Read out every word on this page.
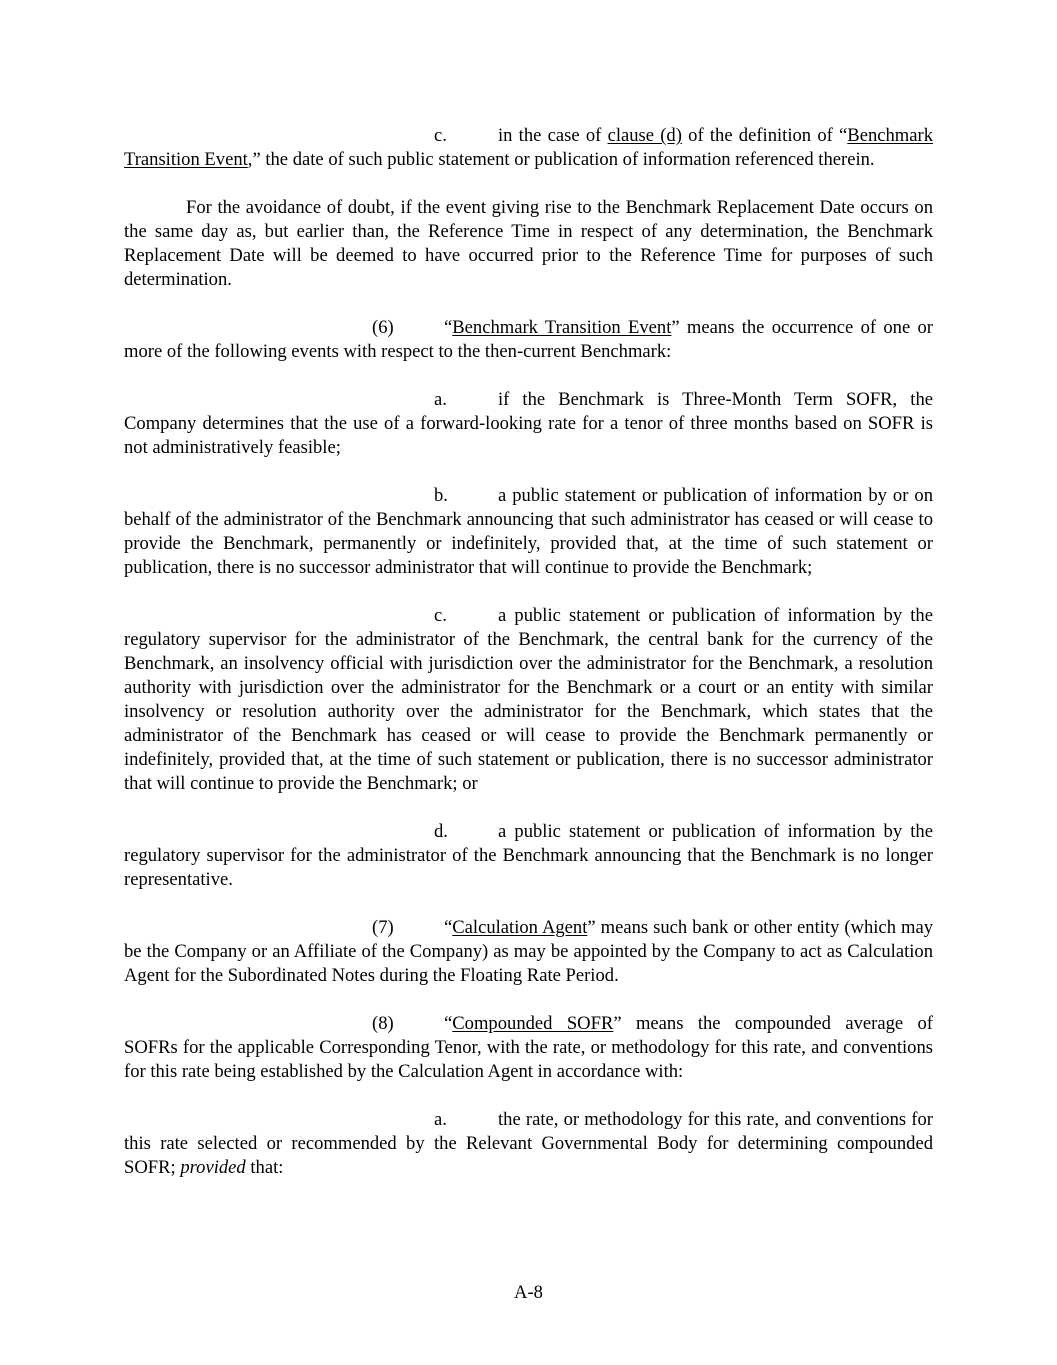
c.	in the case of clause (d) of the definition of “Benchmark Transition Event,” the date of such public statement or publication of information referenced therein.

For the avoidance of doubt, if the event giving rise to the Benchmark Replacement Date occurs on the same day as, but earlier than, the Reference Time in respect of any determination, the Benchmark Replacement Date will be deemed to have occurred prior to the Reference Time for purposes of such determination.

(6)	“Benchmark Transition Event” means the occurrence of one or more of the following events with respect to the then-current Benchmark:

a.	if the Benchmark is Three-Month Term SOFR, the Company determines that the use of a forward-looking rate for a tenor of three months based on SOFR is not administratively feasible;

b.	a public statement or publication of information by or on behalf of the administrator of the Benchmark announcing that such administrator has ceased or will cease to provide the Benchmark, permanently or indefinitely, provided that, at the time of such statement or publication, there is no successor administrator that will continue to provide the Benchmark;

c.	a public statement or publication of information by the regulatory supervisor for the administrator of the Benchmark, the central bank for the currency of the Benchmark, an insolvency official with jurisdiction over the administrator for the Benchmark, a resolution authority with jurisdiction over the administrator for the Benchmark or a court or an entity with similar insolvency or resolution authority over the administrator for the Benchmark, which states that the administrator of the Benchmark has ceased or will cease to provide the Benchmark permanently or indefinitely, provided that, at the time of such statement or publication, there is no successor administrator that will continue to provide the Benchmark; or

d.	a public statement or publication of information by the regulatory supervisor for the administrator of the Benchmark announcing that the Benchmark is no longer representative.

(7)	“Calculation Agent” means such bank or other entity (which may be the Company or an Affiliate of the Company) as may be appointed by the Company to act as Calculation Agent for the Subordinated Notes during the Floating Rate Period.

(8)	“Compounded SOFR” means the compounded average of SOFRs for the applicable Corresponding Tenor, with the rate, or methodology for this rate, and conventions for this rate being established by the Calculation Agent in accordance with:

a.	the rate, or methodology for this rate, and conventions for this rate selected or recommended by the Relevant Governmental Body for determining compounded SOFR; provided that:

A-8
